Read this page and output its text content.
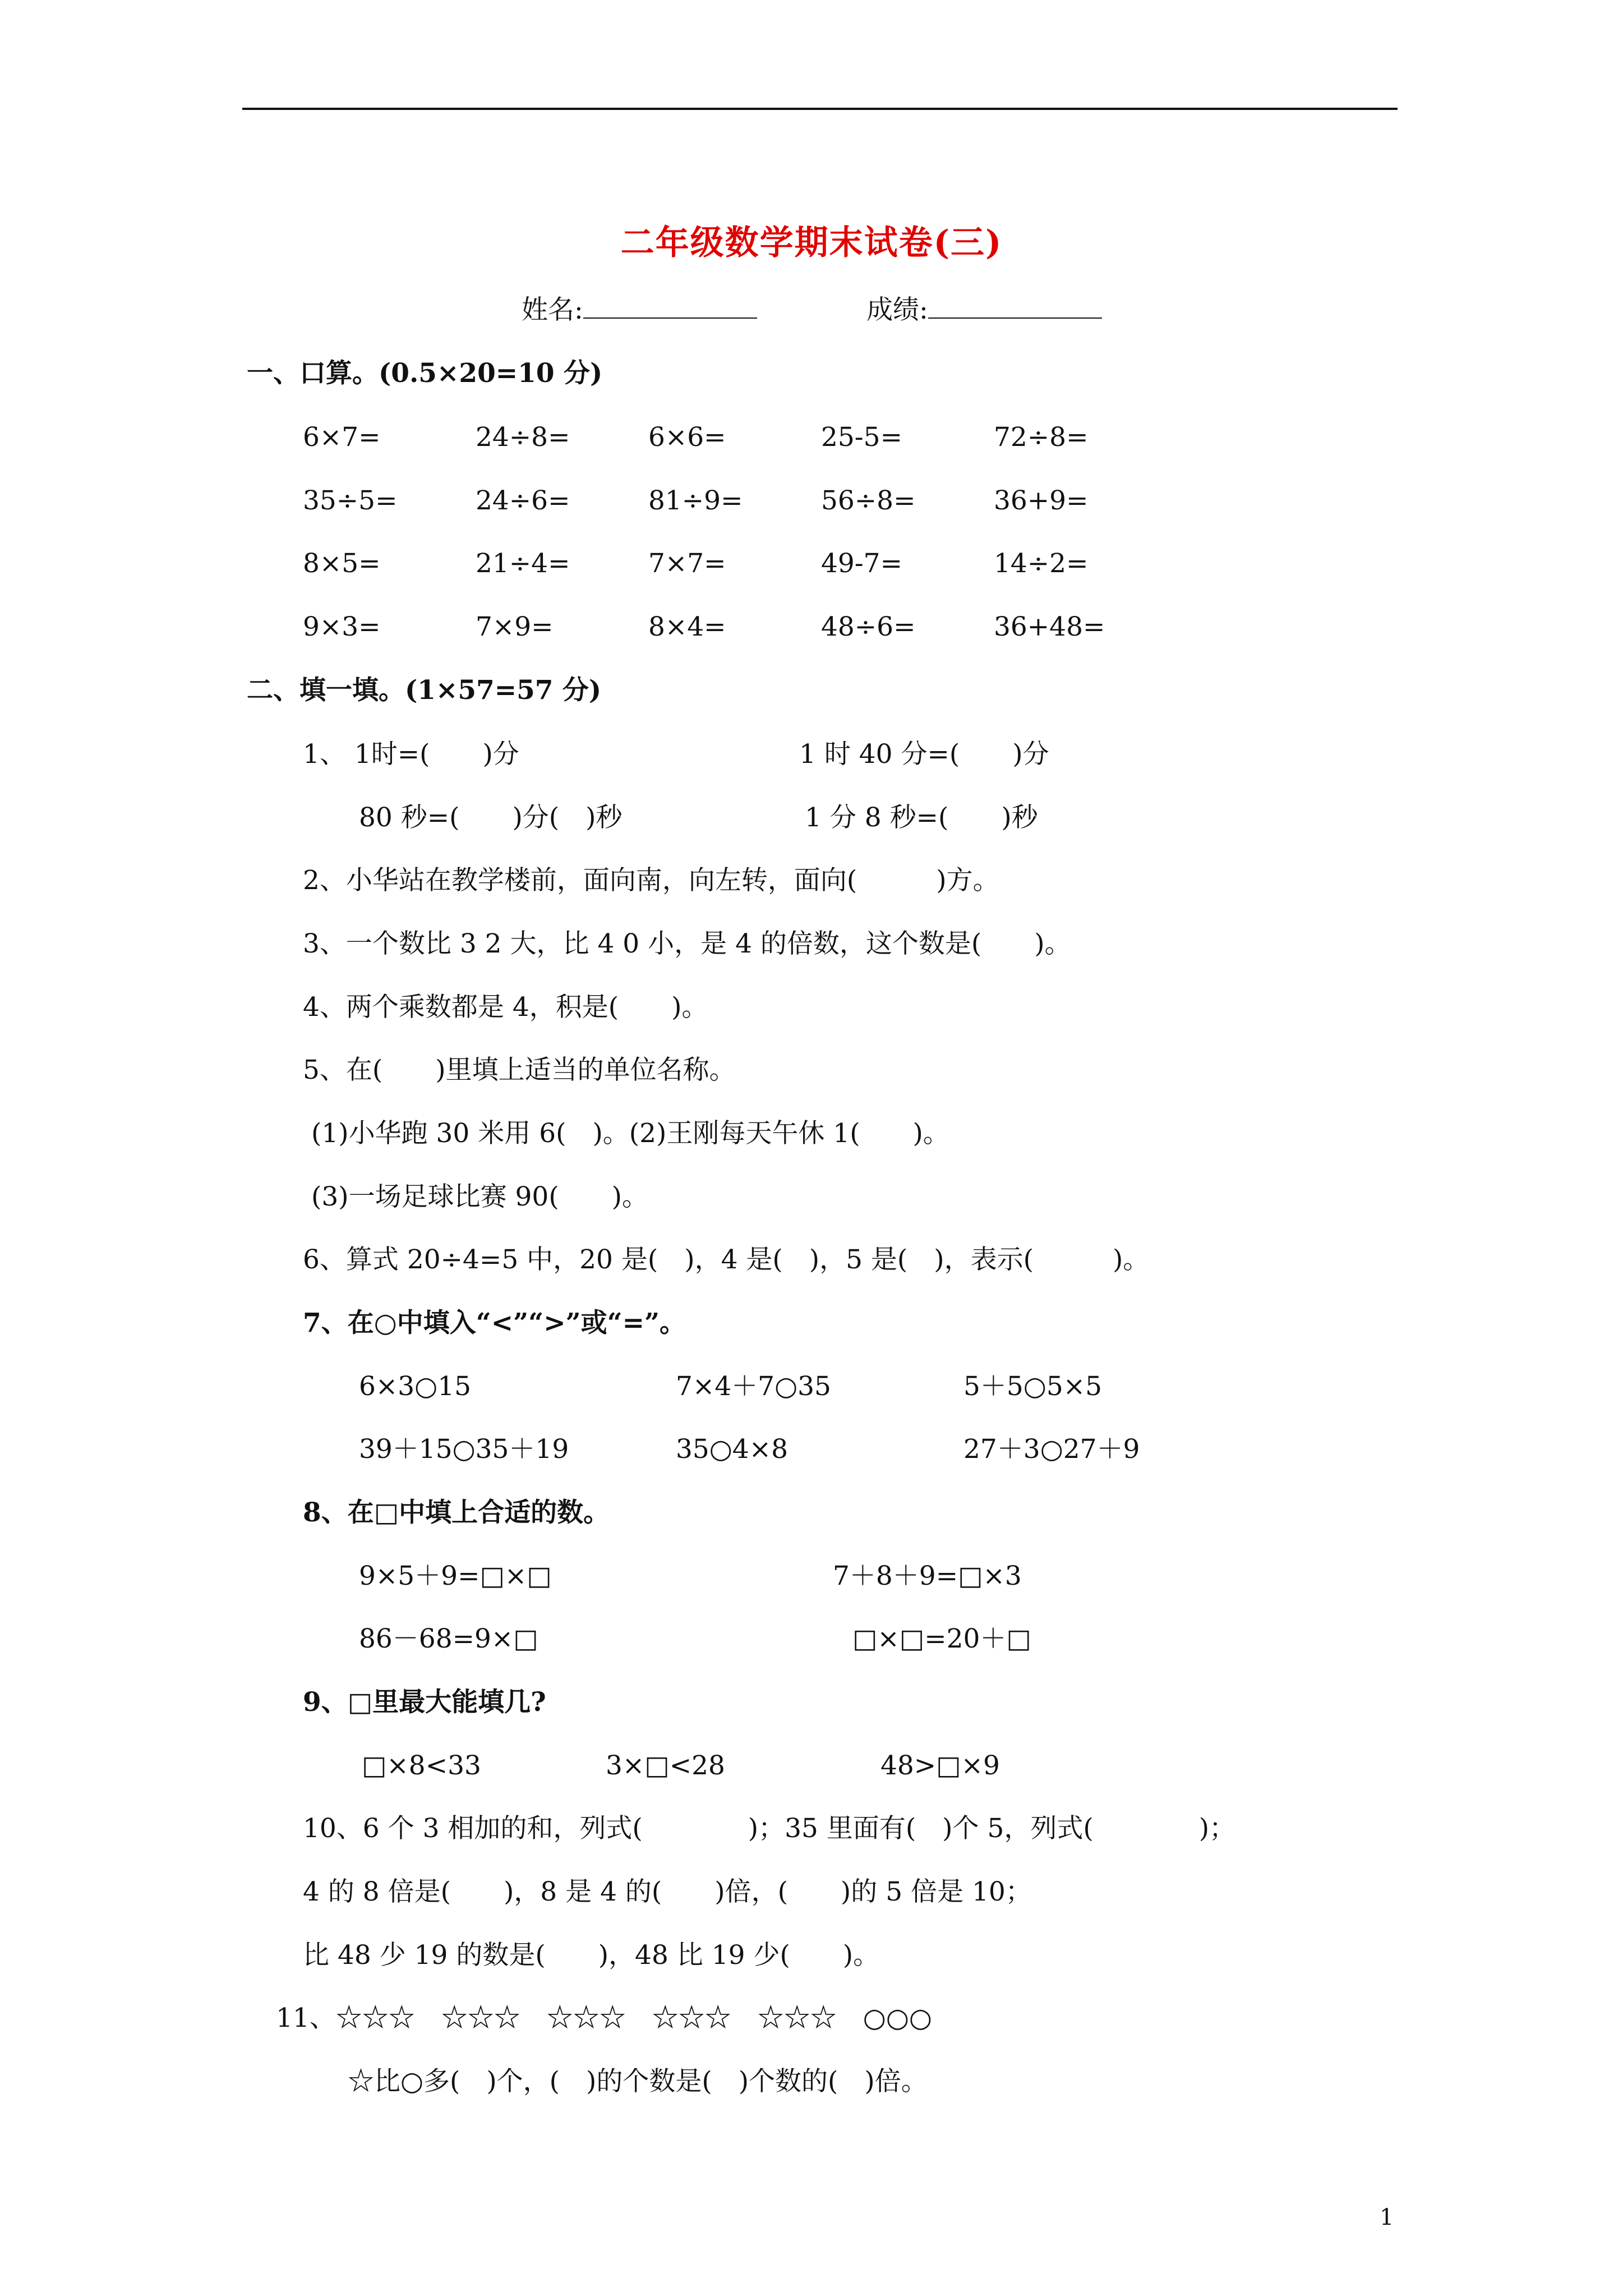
二年级数学期末试卷(三)
姓名:	成绩:
一、口算。(0.5×20=10 分)
6×7=	24÷8=	6×6=	25-5=	72÷8=
35÷5=	24÷6=	81÷9=	56÷8=	36+9=
8×5=	21÷4=	7×7=	49-7=	14÷2=
9×3=	7×9=	8×4=	48÷6=	36+48=
二、填一填。(1×57=57 分)
1、 1时=(　　)分	1 时 40 分=(　　)分
80 秒=(　　)分(　)秒	1 分 8 秒=(　　)秒
2、小华站在教学楼前，面向南，向左转，面向(　　　)方。
3、一个数比 3 2 大，比 4 0 小，是 4 的倍数，这个数是(　　)。
4、两个乘数都是 4，积是(　　)。
5、在(　　)里填上适当的单位名称。
(1)小华跑 30 米用 6(　)。(2)王刚每天午休 1(　　)。
(3)一场足球比赛 90(　　)。
6、算式 20÷4=5 中，20 是(　)，4 是(　)，5 是(　)，表示(　　　)。
7、在○中填入“<”“>”或“=”。
6×3○15	7×4＋7○35	5＋5○5×5
39＋15○35＋19	35○4×8	27＋3○27＋9
8、在□中填上合适的数。
9×5＋9=□×□	7＋8＋9=□×3
86－68=9×□	□×□=20＋□
9、□里最大能填几?
□×8<33	3×□<28	48>□×9
10、6 个 3 相加的和，列式(　　　　)；35 里面有(　)个 5，列式(　　　　)；
4 的 8 倍是(　　)，8 是 4 的(　　)倍，(　　)的 5 倍是 10；
比 48 少 19 的数是(　　)，48 比 19 少(　　)。
11、☆☆☆　☆☆☆　☆☆☆　☆☆☆　☆☆☆　○○○
☆比○多(　)个，(　)的个数是(　)个数的(　)倍。
1
